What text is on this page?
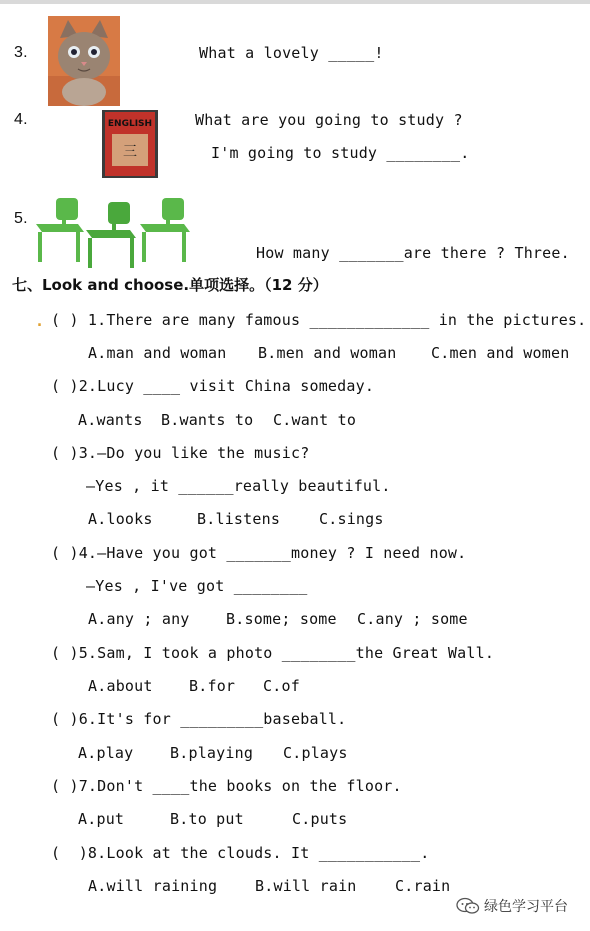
3.	What a lovely _____!
4.	ENGLISH
三
What are you going to study ?
I'm going to study ________.
5.
How many _______are there ? Three.
七、Look and choose.单项选择。（12 分）
. ( ) 1.There are many famous _____________ in the pictures.
A.man and woman B.men and woman C.men and women
( )2.Lucy ____ visit China someday.
A.wants B.wants to C.want to
( )3.—Do you like the music?
—Yes , it ______really beautiful.
A.looks	B.listens	C.sings
( )4.—Have you got _______money ? I need now.
—Yes , I've got ________
A.any ; any B.some; some C.any ; some
( )5.Sam, I took a photo ________the Great Wall.
A.about B.for C.of
( )6.It's for _________baseball.
A.play B.playing C.plays
( )7.Don't ____the books on the floor.
A.put	B.to put	C.puts
(  )8.Look at the clouds. It ___________.
A.will raining	B.will rain	C.rain
绿色学习平台
